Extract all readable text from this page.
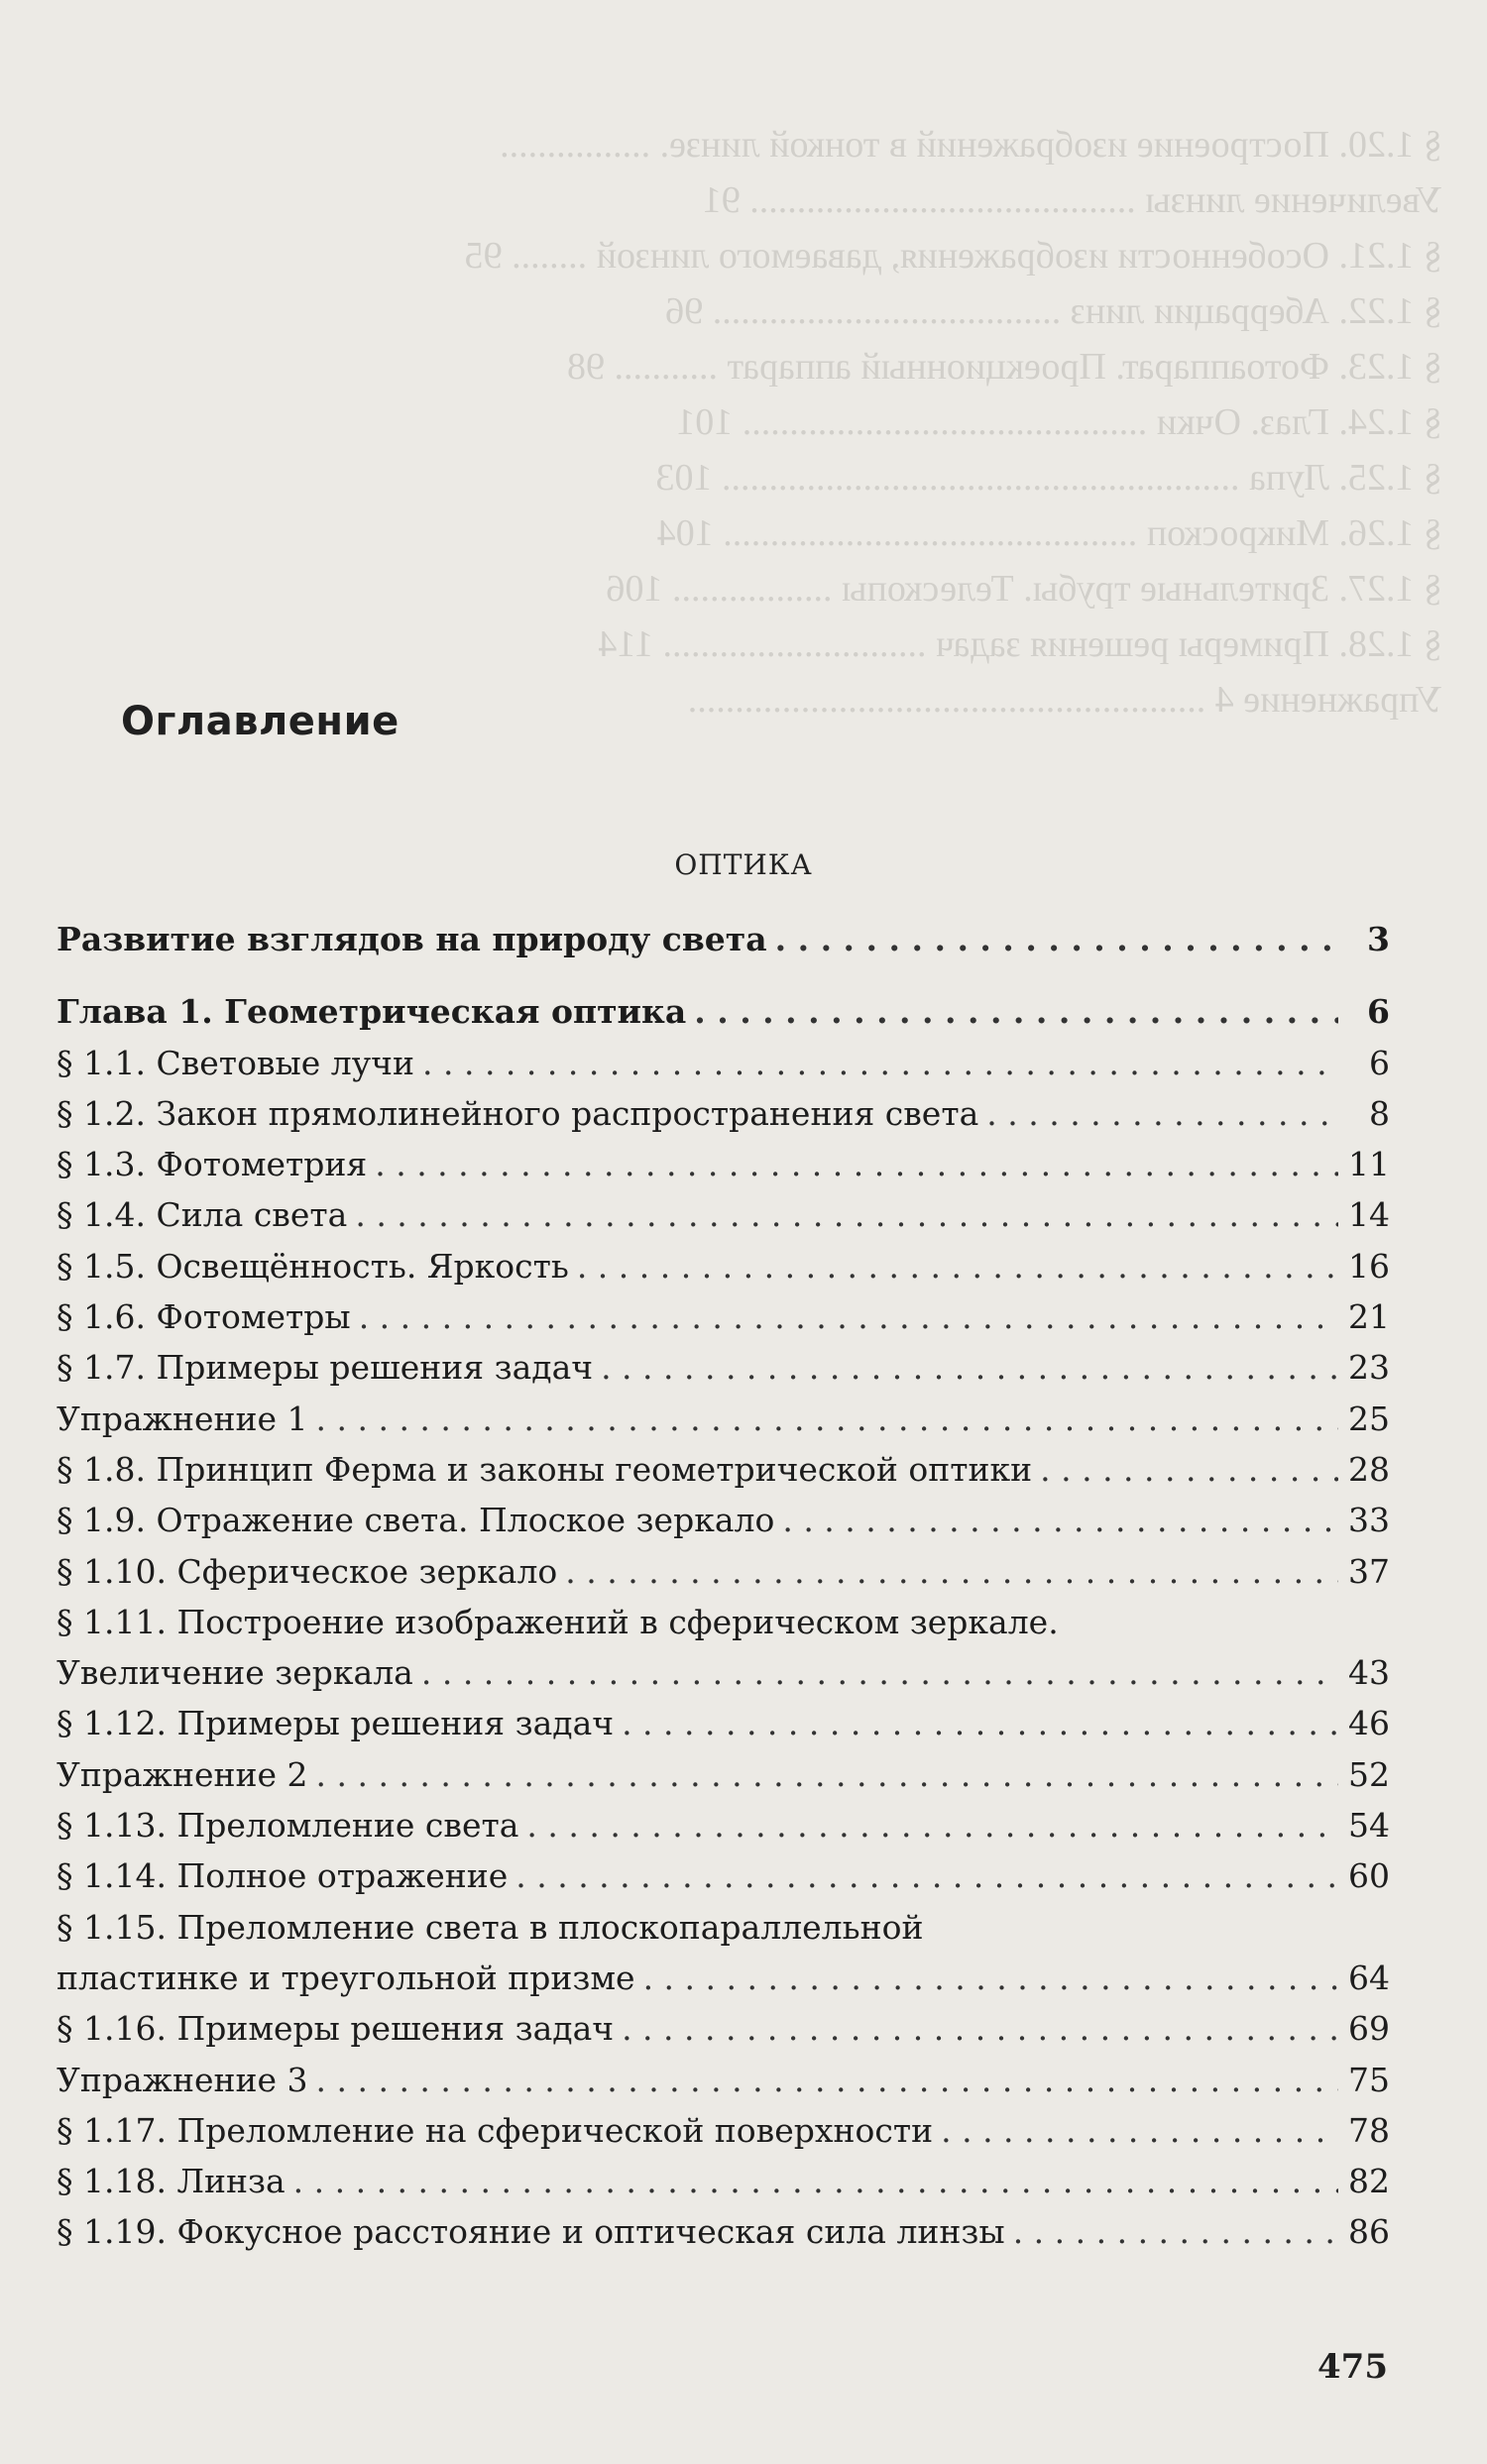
§ 1.20. Построение изображений в тонкой линзе. ................
Увеличение линзы ......................................... 91
§ 1.21. Особенности изображения, даваемого линзой ........ 95
§ 1.22. Аберрации линз ..................................... 96
§ 1.23. Фотоаппарат. Проекционный аппарат ........... 98
§ 1.24. Глаз. Очки ........................................... 101
§ 1.25. Лупа ....................................................... 103
§ 1.26. Микроскоп ............................................ 104
§ 1.27. Зрительные трубы. Телескопы ................. 106
§ 1.28. Примеры решения задач ............................ 114
Упражнение 4 .......................................................
Оглавление
ОПТИКА
Развитие взглядов на природу света . . .	3
Глава 1. Геометрическая оптика . . .	6
§ 1.1. Световые лучи . . .	6
§ 1.2. Закон прямолинейного распространения света . . .	8
§ 1.3. Фотометрия . . .	11
§ 1.4. Сила света . . .	14
§ 1.5. Освещённость. Яркость . . .	16
§ 1.6. Фотометры . . .	21
§ 1.7. Примеры решения задач . . .	23
Упражнение 1 . . .	25
§ 1.8. Принцип Ферма и законы геометрической оптики . . .	28
§ 1.9. Отражение света. Плоское зеркало . . .	33
§ 1.10. Сферическое зеркало . . .	37
§ 1.11. Построение изображений в сферическом зеркале.
Увеличение зеркала . . .	43
§ 1.12. Примеры решения задач . . .	46
Упражнение 2 . . .	52
§ 1.13. Преломление света . . .	54
§ 1.14. Полное отражение . . .	60
§ 1.15. Преломление света в плоскопараллельной
пластинке и треугольной призме . . .	64
§ 1.16. Примеры решения задач . . .	69
Упражнение 3 . . .	75
§ 1.17. Преломление на сферической поверхности . . .	78
§ 1.18. Линза . . .	82
§ 1.19. Фокусное расстояние и оптическая сила линзы . . .	86
475
